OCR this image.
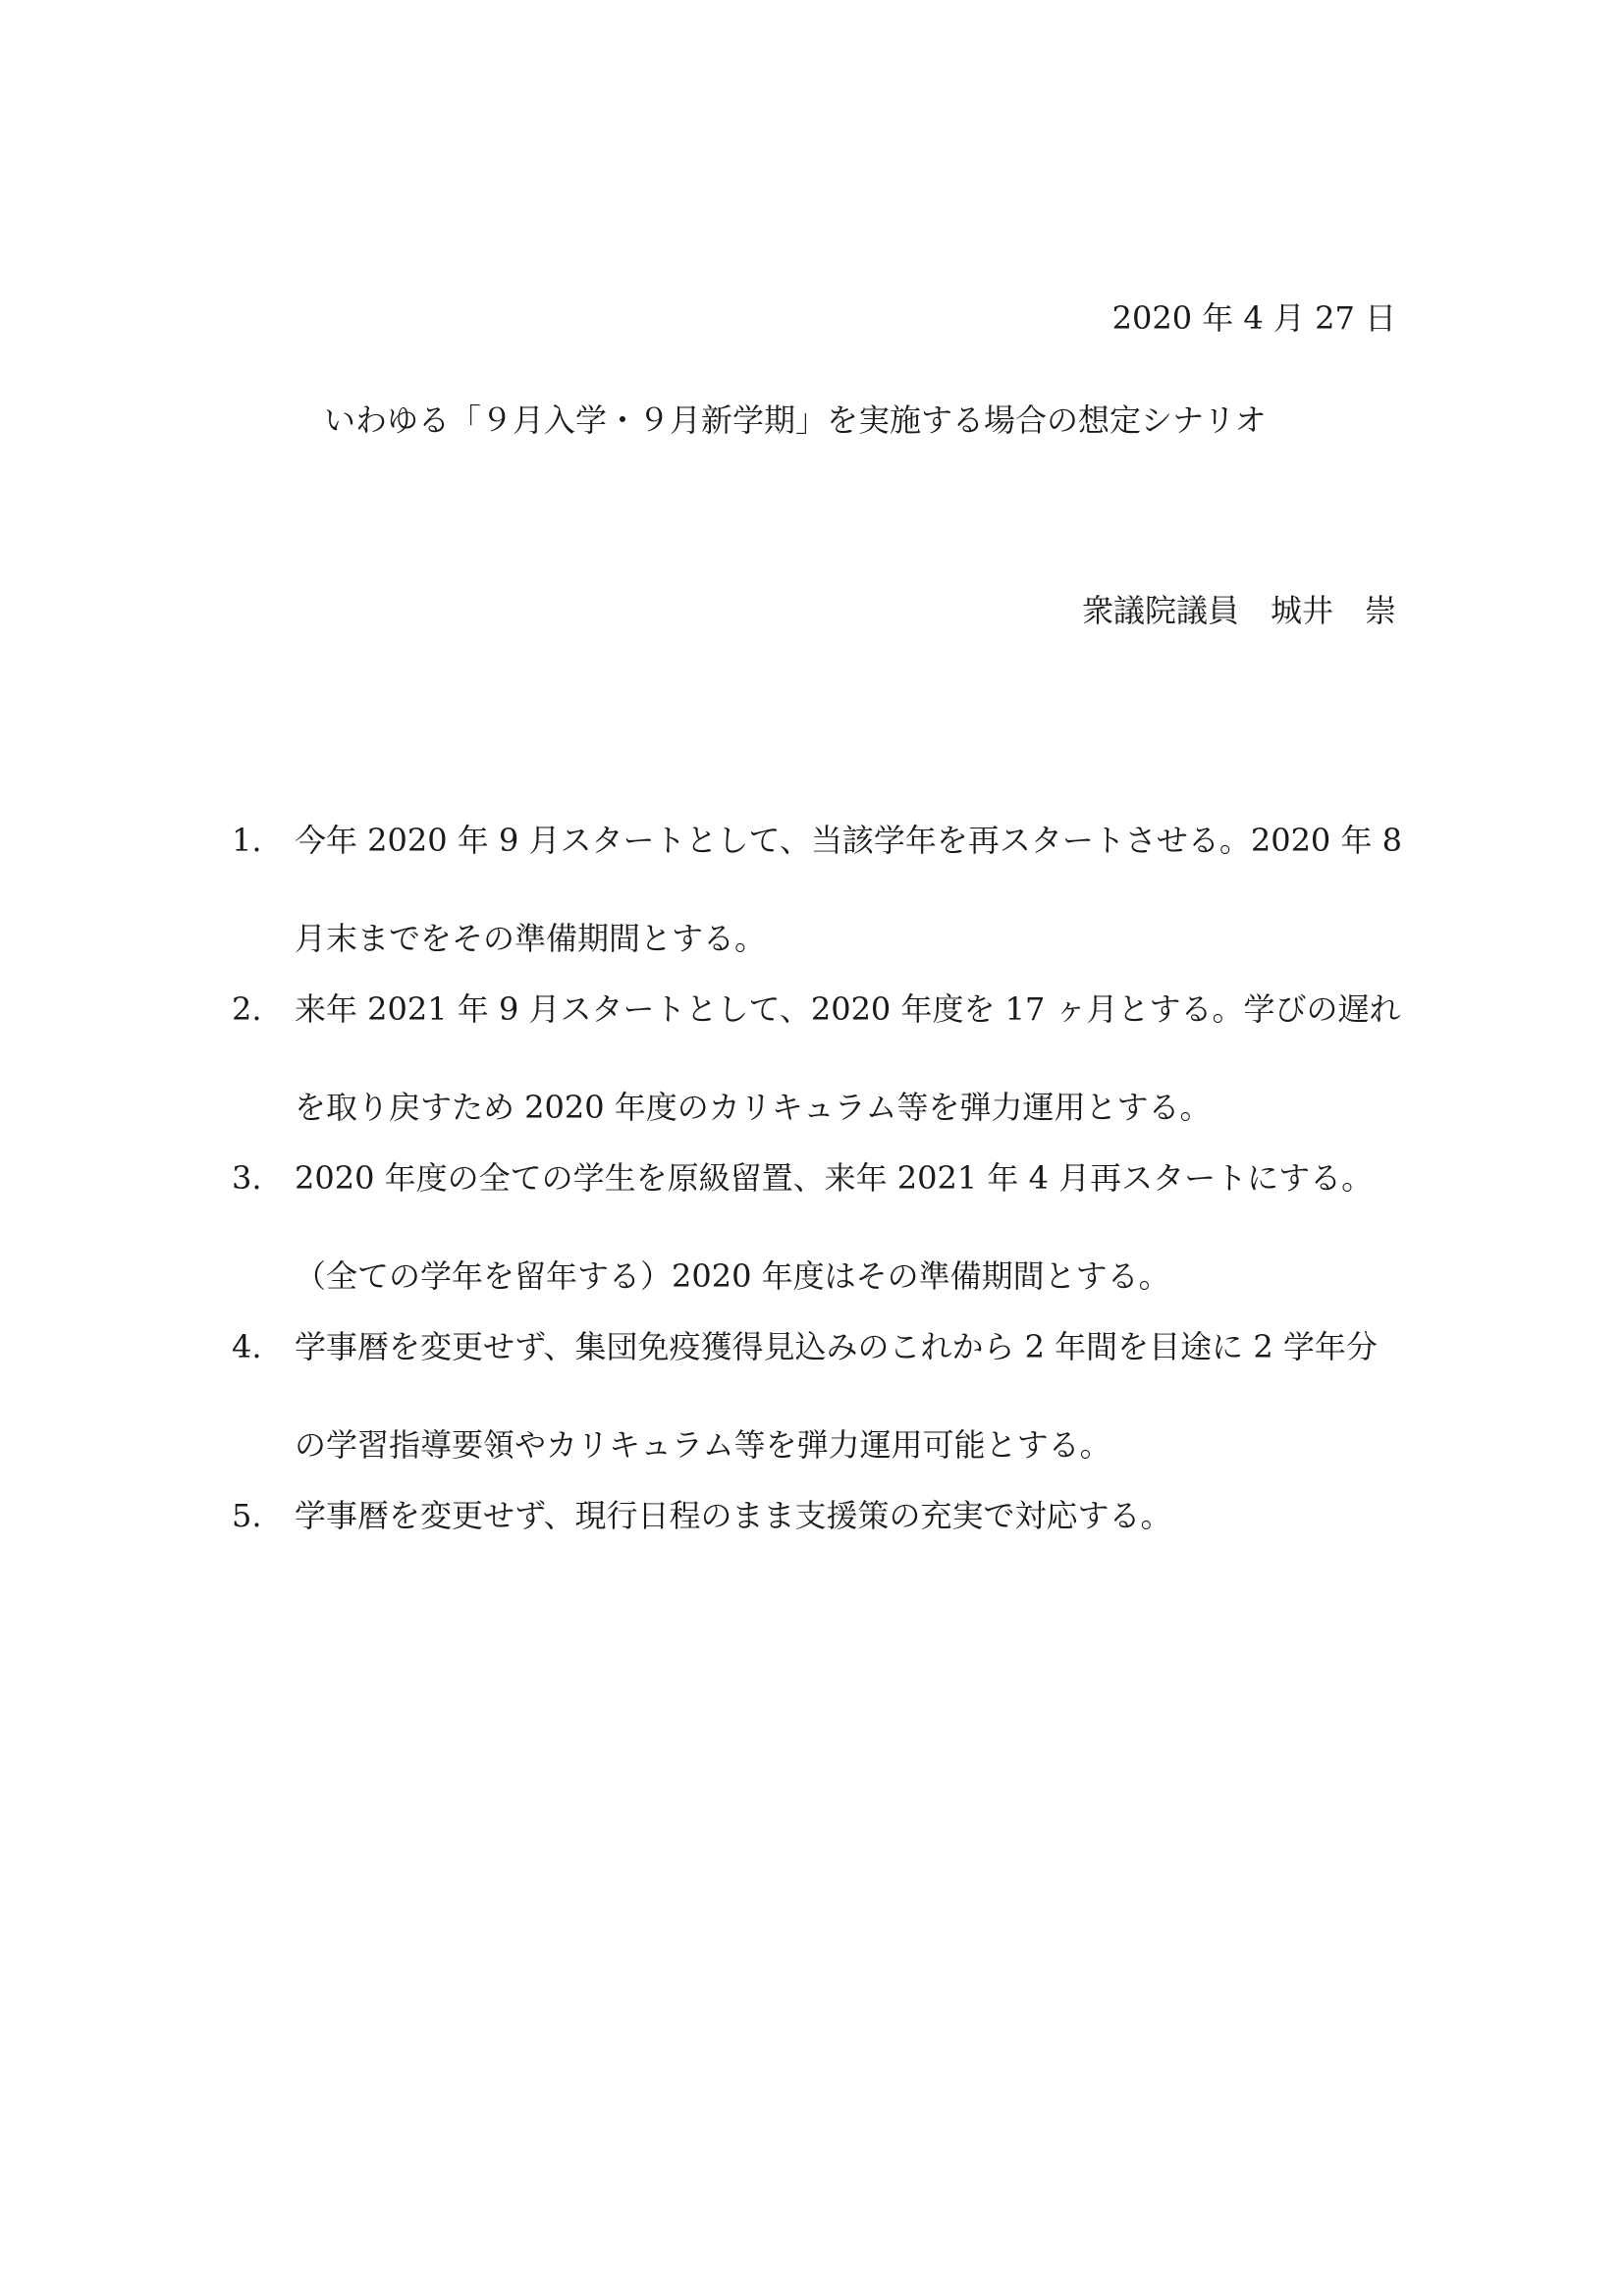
2020 年 4 月 27 日
いわゆる「９月入学・９月新学期」を実施する場合の想定シナリオ
衆議院議員　城井　崇
1.	今年 2020 年 9 月スタートとして、当該学年を再スタートさせる。2020 年 8
月末までをその準備期間とする。
2.	来年 2021 年 9 月スタートとして、2020 年度を 17 ヶ月とする。学びの遅れ
を取り戻すため 2020 年度のカリキュラム等を弾力運用とする。
3.	2020 年度の全ての学生を原級留置、来年 2021 年 4 月再スタートにする。
（全ての学年を留年する）2020 年度はその準備期間とする。
4.	学事暦を変更せず、集団免疫獲得見込みのこれから 2 年間を目途に 2 学年分
の学習指導要領やカリキュラム等を弾力運用可能とする。
5.	学事暦を変更せず、現行日程のまま支援策の充実で対応する。
